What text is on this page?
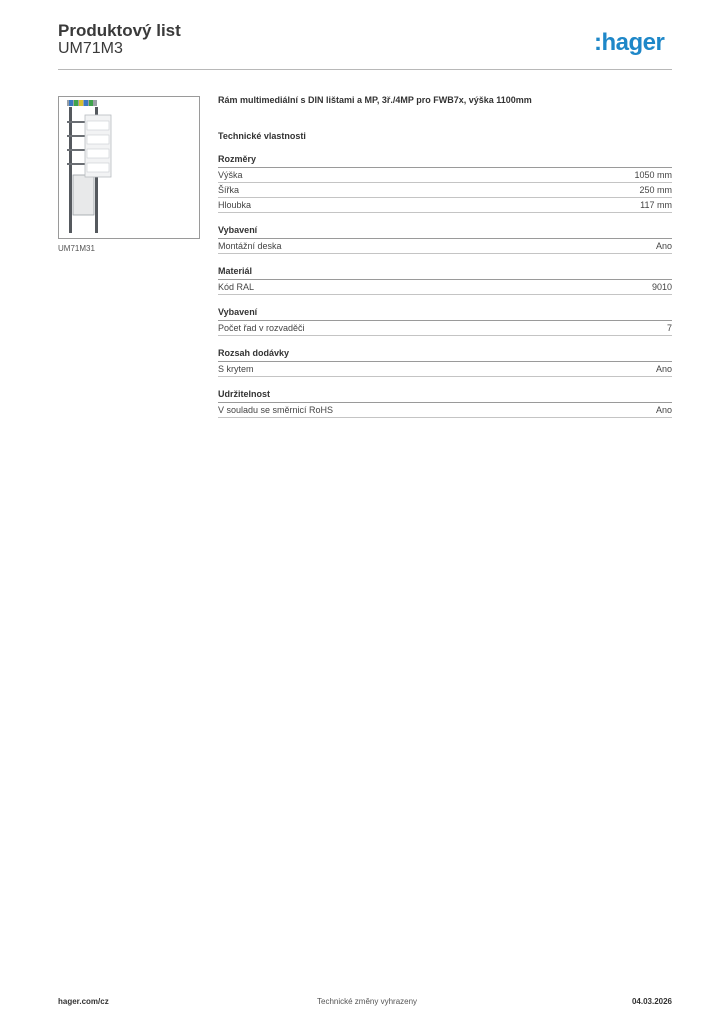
Produktový list
UM71M3	:hager
UM71M31

Rám multimediální s DIN lištami a MP, 3ř./4MP pro FWB7x, výška 1100mm

Technické vlastnosti

Rozměry
Výška	1050 mm
Šířka	250 mm
Hloubka	117 mm
Vybavení
Montážní deska	Ano
Materiál
Kód RAL	9010
Vybavení
Počet řad v rozvaděči	7
Rozsah dodávky
S krytem	Ano
Udržitelnost
V souladu se směrnicí RoHS	Ano
hager.com/cz	Technické změny vyhrazeny	04.03.2026
